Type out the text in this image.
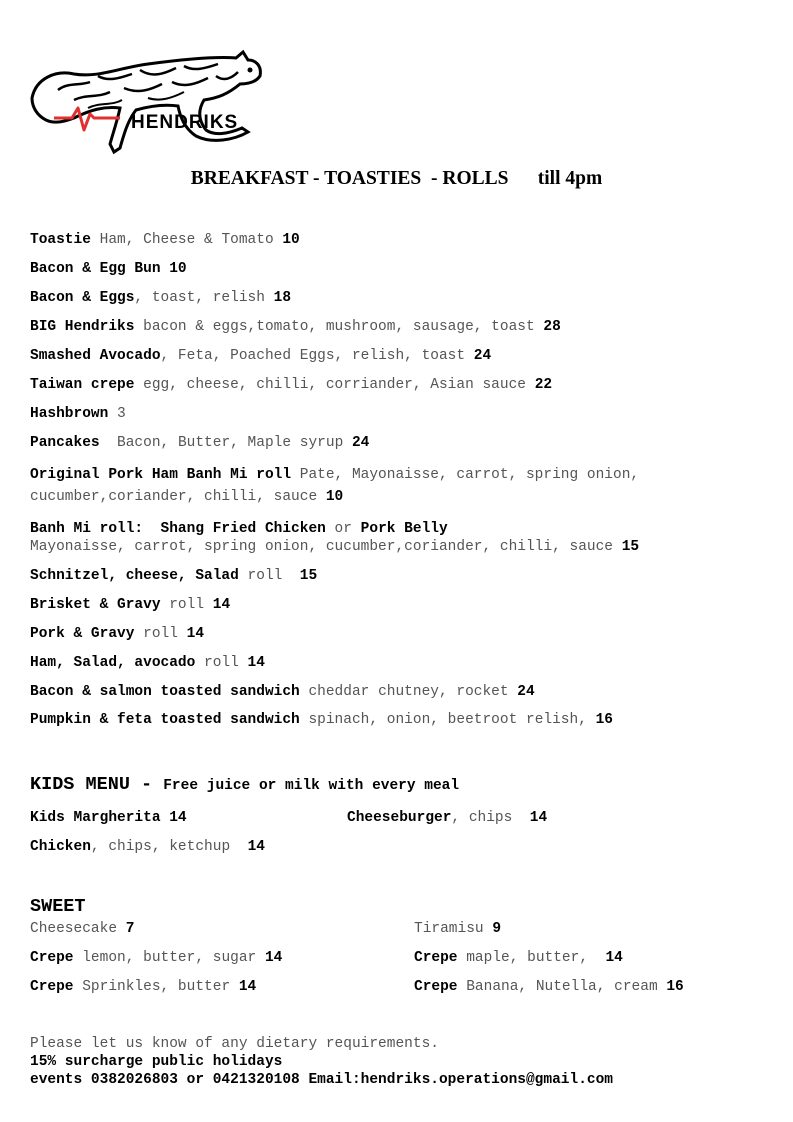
HENDRIKS
BREAKFAST - TOASTIES  - ROLLS      till 4pm
Toastie Ham, Cheese & Tomato 10
Bacon & Egg Bun 10
Bacon & Eggs, toast, relish 18
BIG Hendriks bacon & eggs,tomato, mushroom, sausage, toast 28
Smashed Avocado, Feta, Poached Eggs, relish, toast 24
Taiwan crepe egg, cheese, chilli, corriander, Asian sauce 22
Hashbrown 3
Pancakes  Bacon, Butter, Maple syrup 24
Original Pork Ham Banh Mi roll Pate, Mayonaisse, carrot, spring onion,
cucumber,coriander, chilli, sauce 10
Banh Mi roll:  Shang Fried Chicken or Pork Belly
Mayonaisse, carrot, spring onion, cucumber,coriander, chilli, sauce 15
Schnitzel, cheese, Salad roll  15
Brisket & Gravy roll 14
Pork & Gravy roll 14
Ham, Salad, avocado roll 14
Bacon & salmon toasted sandwich cheddar chutney, rocket 24
Pumpkin & feta toasted sandwich spinach, onion, beetroot relish, 16
KIDS MENU - Free juice or milk with every meal
Kids Margherita 14	Cheeseburger, chips  14
Chicken, chips, ketchup  14
SWEET
Cheesecake 7	Tiramisu 9
Crepe lemon, butter, sugar 14	Crepe maple, butter,  14
Crepe Sprinkles, butter 14	Crepe Banana, Nutella, cream 16
Please let us know of any dietary requirements.
15% surcharge public holidays
events 0382026803 or 0421320108 Email:hendriks.operations@gmail.com
